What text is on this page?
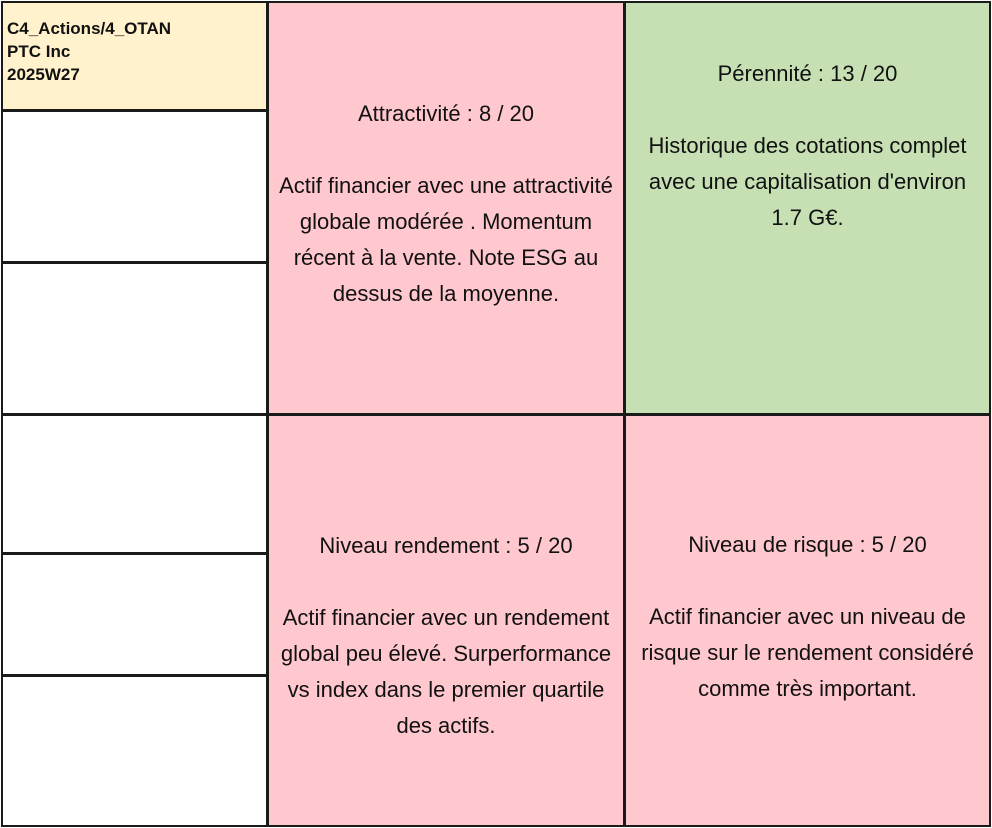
C4_Actions/4_OTAN
PTC Inc
2025W27
Attractivité : 8 / 20
Actif financier avec une attractivité globale modérée . Momentum récent à la vente. Note ESG au dessus de la moyenne.
Pérennité : 13 / 20
Historique des cotations complet avec une capitalisation d'environ 1.7 G€.
Niveau rendement : 5 / 20
Actif financier avec un rendement global peu élevé. Surperformance vs index dans le premier quartile des actifs.
Niveau de risque : 5 / 20
Actif financier avec un niveau de risque sur le rendement considéré comme très important.
